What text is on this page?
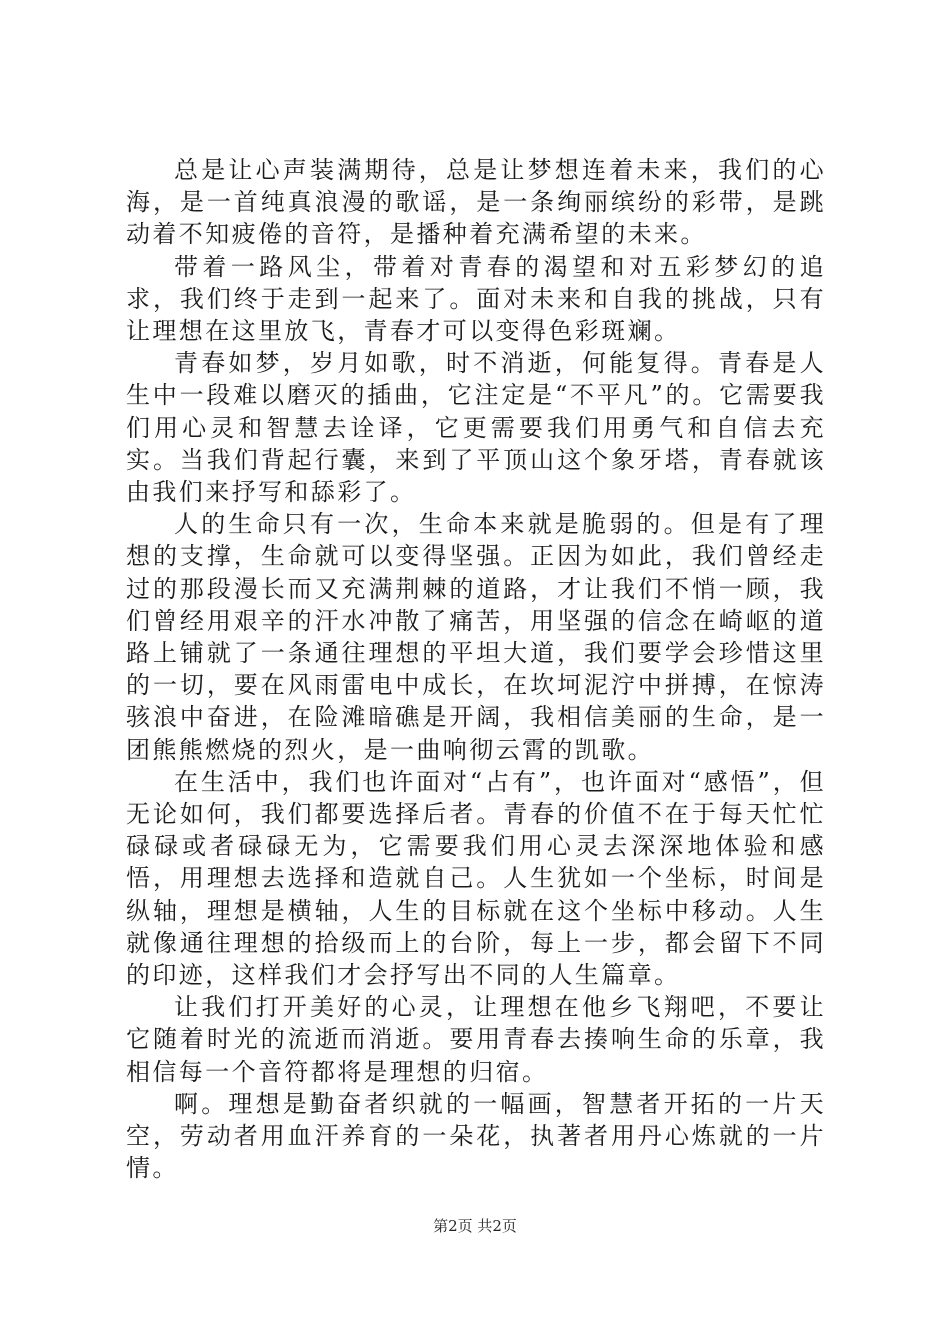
总是让心声装满期待，总是让梦想连着未来，我们的心海，是一首纯真浪漫的歌谣，是一条绚丽缤纷的彩带，是跳动着不知疲倦的音符，是播种着充满希望的未来。

带着一路风尘，带着对青春的渴望和对五彩梦幻的追求，我们终于走到一起来了。面对未来和自我的挑战，只有让理想在这里放飞，青春才可以变得色彩斑斓。

青春如梦，岁月如歌，时不消逝，何能复得。青春是人生中一段难以磨灭的插曲，它注定是“不平凡”的。它需要我们用心灵和智慧去诠译，它更需要我们用勇气和自信去充实。当我们背起行囊，来到了平顶山这个象牙塔，青春就该由我们来抒写和舔彩了。

人的生命只有一次，生命本来就是脆弱的。但是有了理想的支撑，生命就可以变得坚强。正因为如此，我们曾经走过的那段漫长而又充满荆棘的道路，才让我们不悄一顾，我们曾经用艰辛的汗水冲散了痛苦，用坚强的信念在崎岖的道路上铺就了一条通往理想的平坦大道，我们要学会珍惜这里的一切，要在风雨雷电中成长，在坎坷泥泞中拼搏，在惊涛骇浪中奋进，在险滩暗礁是开阔，我相信美丽的生命，是一团熊熊燃烧的烈火，是一曲响彻云霄的凯歌。

在生活中，我们也许面对“占有”，也许面对“感悟”，但无论如何，我们都要选择后者。青春的价值不在于每天忙忙碌碌或者碌碌无为，它需要我们用心灵去深深地体验和感悟，用理想去选择和造就自己。人生犹如一个坐标，时间是纵轴，理想是横轴，人生的目标就在这个坐标中移动。人生就像通往理想的拾级而上的台阶，每上一步，都会留下不同的印迹，这样我们才会抒写出不同的人生篇章。

让我们打开美好的心灵，让理想在他乡飞翔吧，不要让它随着时光的流逝而消逝。要用青春去揍响生命的乐章，我相信每一个音符都将是理想的归宿。

啊。理想是勤奋者织就的一幅画，智慧者开拓的一片天空，劳动者用血汗养育的一朵花，执著者用丹心炼就的一片情。

第2页 共2页
